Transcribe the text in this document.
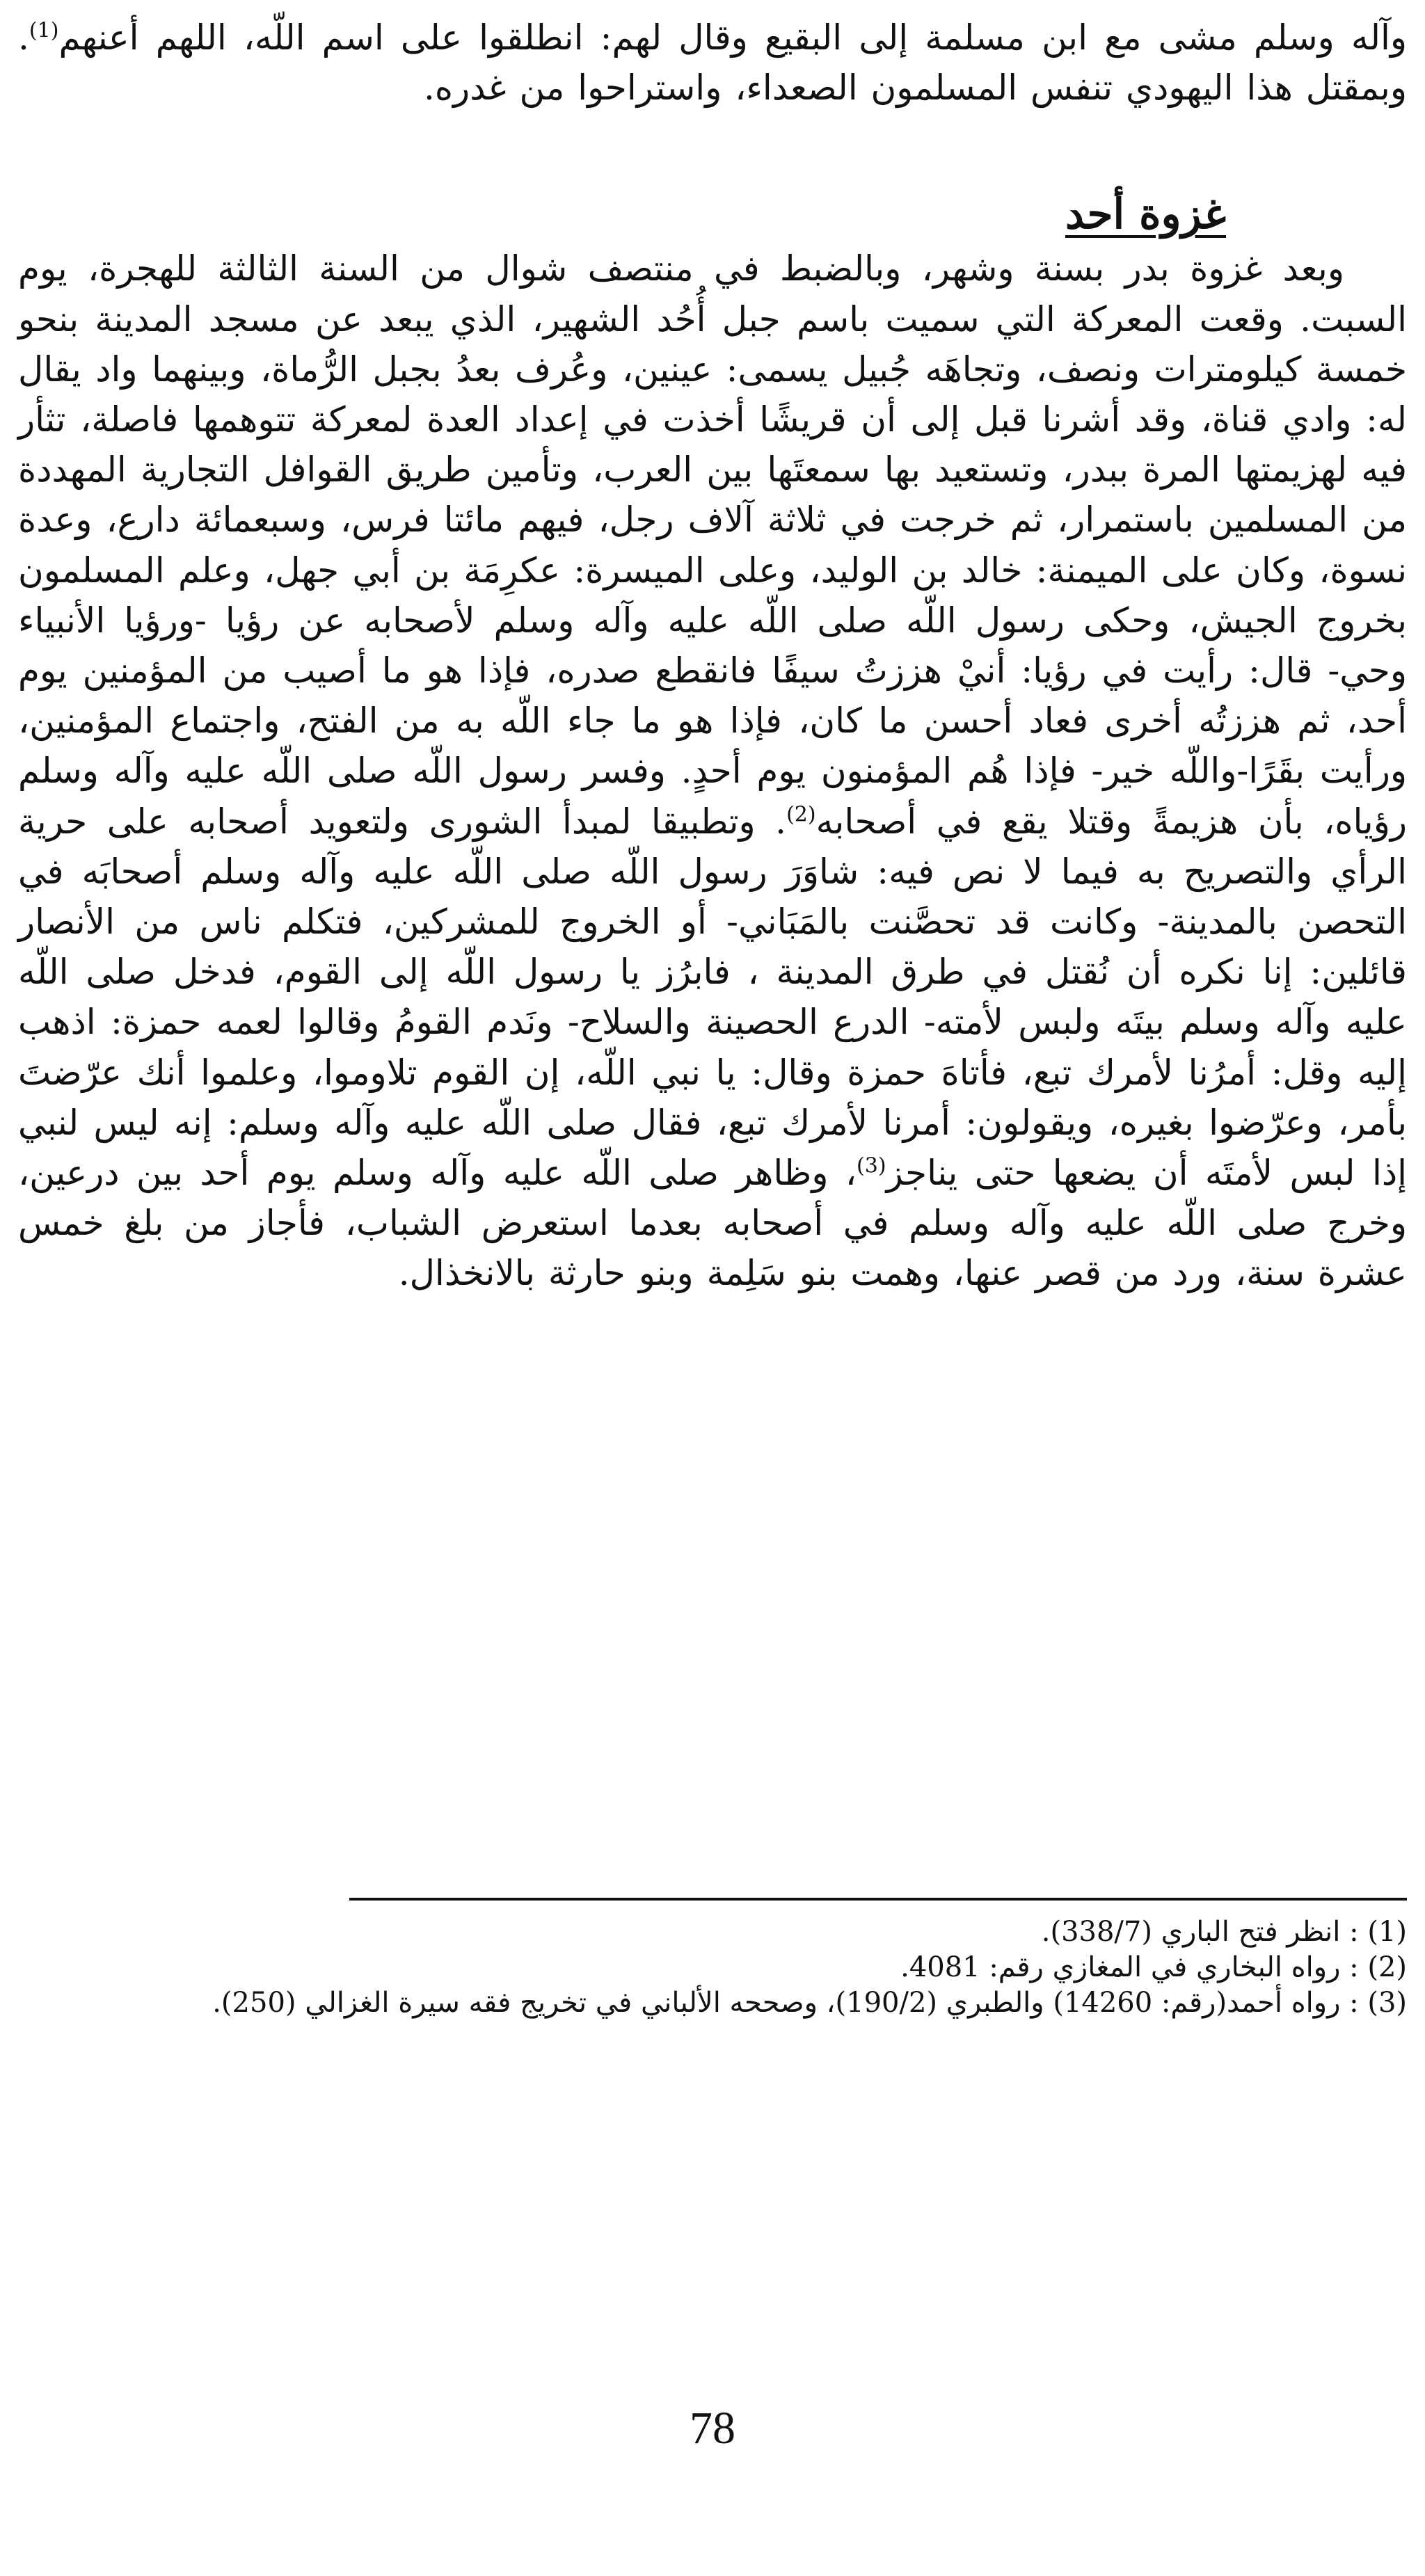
وآله وسلم مشى مع ابن مسلمة إلى البقيع وقال لهم: انطلقوا على اسم اللّه، اللهم أعنهم$^{(1)}$. وبمقتل هذا اليهودي تنفس المسلمون الصعداء، واستراحوا من غدره.

غزوة أحد

وبعد غزوة بدر بسنة وشهر، وبالضبط في منتصف شوال من السنة الثالثة للهجرة، يوم السبت. وقعت المعركة التي سميت باسم جبل أُحُد الشهير، الذي يبعد عن مسجد المدينة بنحو خمسة كيلومترات ونصف، وتجاهَه جُبيل يسمى: عينين، وعُرف بعدُ بجبل الرُّماة، وبينهما واد يقال له: وادي قناة، وقد أشرنا قبل إلى أن قريشًا أخذت في إعداد العدة لمعركة تتوهمها فاصلة، تثأر فيه لهزيمتها المرة ببدر، وتستعيد بها سمعتَها بين العرب، وتأمين طريق القوافل التجارية المهددة من المسلمين باستمرار، ثم خرجت في ثلاثة آلاف رجل، فيهم مائتا فرس، وسبعمائة دارع، وعدة نسوة، وكان على الميمنة: خالد بن الوليد، وعلى الميسرة: عكرِمَة بن أبي جهل، وعلم المسلمون بخروج الجيش، وحكى رسول اللّه صلى اللّه عليه وآله وسلم لأصحابه عن رؤيا -ورؤيا الأنبياء وحي- قال: رأيت في رؤيا: أنيْ هززتُ سيفًا فانقطع صدره، فإذا هو ما أصيب من المؤمنين يوم أحد، ثم هززتُه أخرى فعاد أحسن ما كان، فإذا هو ما جاء اللّه به من الفتح، واجتماع المؤمنين، ورأيت بقَرًا-واللّه خير- فإذا هُم المؤمنون يوم أحدٍ. وفسر رسول اللّه صلى اللّه عليه وآله وسلم رؤياه، بأن هزيمةً وقتلا يقع في أصحابه$^{(2)}$. وتطبيقا لمبدأ الشورى ولتعويد أصحابه على حرية الرأي والتصريح به فيما لا نص فيه: شاوَرَ رسول اللّه صلى اللّه عليه وآله وسلم أصحابَه في التحصن بالمدينة- وكانت قد تحصَّنت بالمَبَاني- أو الخروج للمشركين، فتكلم ناس من الأنصار قائلين: إنا نكره أن نُقتل في طرق المدينة ، فابرُز يا رسول اللّه إلى القوم، فدخل صلى اللّه عليه وآله وسلم بيتَه ولبس لأمته- الدرع الحصينة والسلاح- ونَدم القومُ وقالوا لعمه حمزة: اذهب إليه وقل: أمرُنا لأمرك تبع، فأتاهَ حمزة وقال: يا نبي اللّه، إن القوم تلاوموا، وعلموا أنك عرّضتَ بأمر، وعرّضوا بغيره، ويقولون: أمرنا لأمرك تبع، فقال صلى اللّه عليه وآله وسلم: إنه ليس لنبي إذا لبس لأمتَه أن يضعها حتى يناجز$^{(3)}$، وظاهر صلى اللّه عليه وآله وسلم يوم أحد بين درعين، وخرج صلى اللّه عليه وآله وسلم في أصحابه بعدما استعرض الشباب، فأجاز من بلغ خمس عشرة سنة، ورد من قصر عنها، وهمت بنو سَلِمة وبنو حارثة بالانخذال.

(1) : انظر فتح الباري (338/7).

(2) : رواه البخاري في المغازي رقم: 4081.

(3) : رواه أحمد(رقم: 14260) والطبري (190/2)، وصححه الألباني في تخريج فقه سيرة الغزالي (250).

78
